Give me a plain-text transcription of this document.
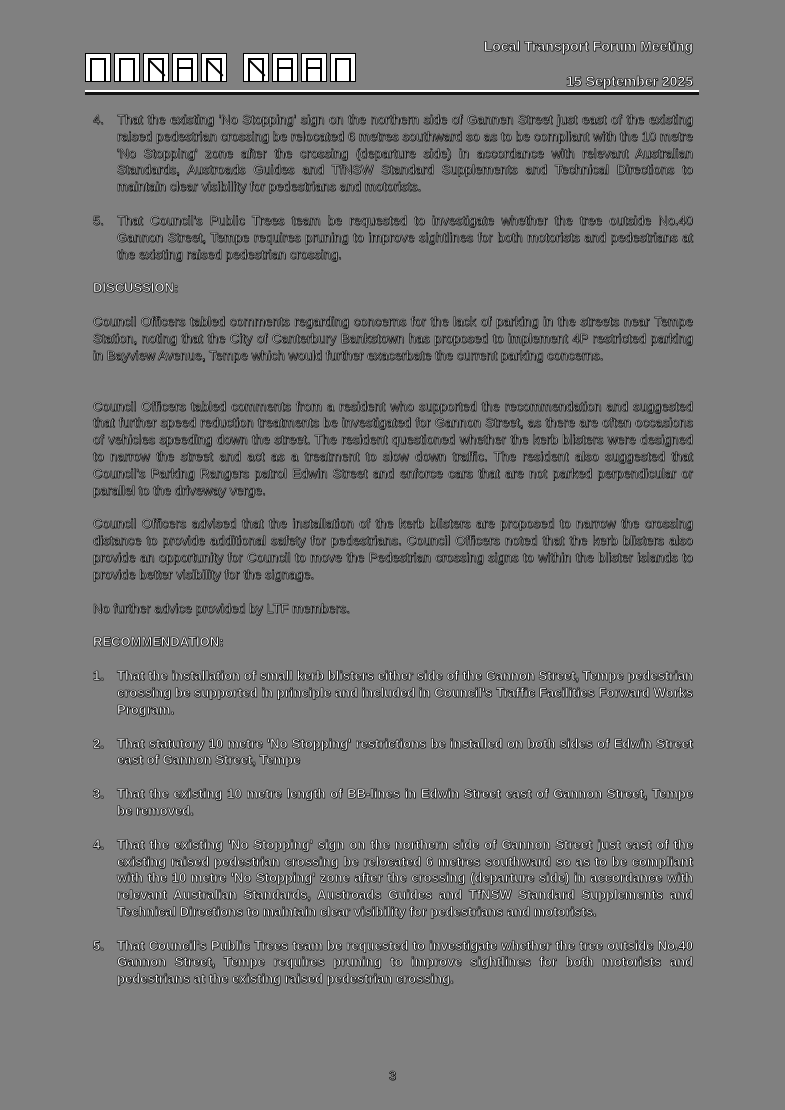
Local Transport Forum Meeting
15 September 2025
4.	That the existing 'No Stopping' sign on the northern side of Gannen Street just east of the existing raised pedestrian crossing be relocated 6 metres southward so as to be compliant with the 10 metre 'No Stopping' zone after the crossing (departure side) in accordance with relevant Australian Standards, Austroads Guides and TfNSW Standard Supplements and Technical Directions to maintain clear visibility for pedestrians and motorists.
5.	That Council's Public Trees team be requested to investigate whether the tree outside No.40 Gannon Street, Tempe requires pruning to improve sightlines for both motorists and pedestrians at the existing raised pedestrian crossing.
DISCUSSION:

Council Officers tabled comments regarding concerns for the lack of parking in the streets near Tempe Station, noting that the City of Canterbury Bankstown has proposed to implement 4P restricted parking in Bayview Avenue, Tempe which would further exacerbate the current parking concerns.

Council Officers tabled comments from a resident who supported the recommendation and suggested that further speed reduction treatments be investigated for Gannon Street, as there are often occasions of vehicles speeding down the street. The resident questioned whether the kerb blisters were designed to narrow the street and act as a treatment to slow down traffic. The resident also suggested that Council's Parking Rangers patrol Edwin Street and enforce cars that are not parked perpendicular or parallel to the driveway verge.

Council Officers advised that the installation of the kerb blisters are proposed to narrow the crossing distance to provide additional safety for pedestrians. Council Officers noted that the kerb blisters also provide an opportunity for Council to move the Pedestrian crossing signs to within the blister islands to provide better visibility for the signage.

No further advice provided by LTF members.

RECOMMENDATION:
1.	That the installation of small kerb blisters either side of the Gannon Street, Tempe pedestrian crossing be supported in principle and included in Council's Traffic Facilities Forward Works Program.
2.	That statutory 10 metre 'No Stopping' restrictions be installed on both sides of Edwin Street east of Gannon Street, Tempe
3.	That the existing 10 metre length of BB-lines in Edwin Street east of Gannon Street, Tempe be removed.
4.	That the existing 'No Stopping' sign on the northern side of Gannon Street just east of the existing raised pedestrian crossing be relocated 6 metres southward so as to be compliant with the 10 metre 'No Stopping' zone after the crossing (departure side) in accordance with relevant Australian Standards, Austroads Guides and TfNSW Standard Supplements and Technical Directions to maintain clear visibility for pedestrians and motorists.
5.	That Council's Public Trees team be requested to investigate whether the tree outside No.40 Gannon Street, Tempe requires pruning to improve sightlines for both motorists and pedestrians at the existing raised pedestrian crossing.
3
